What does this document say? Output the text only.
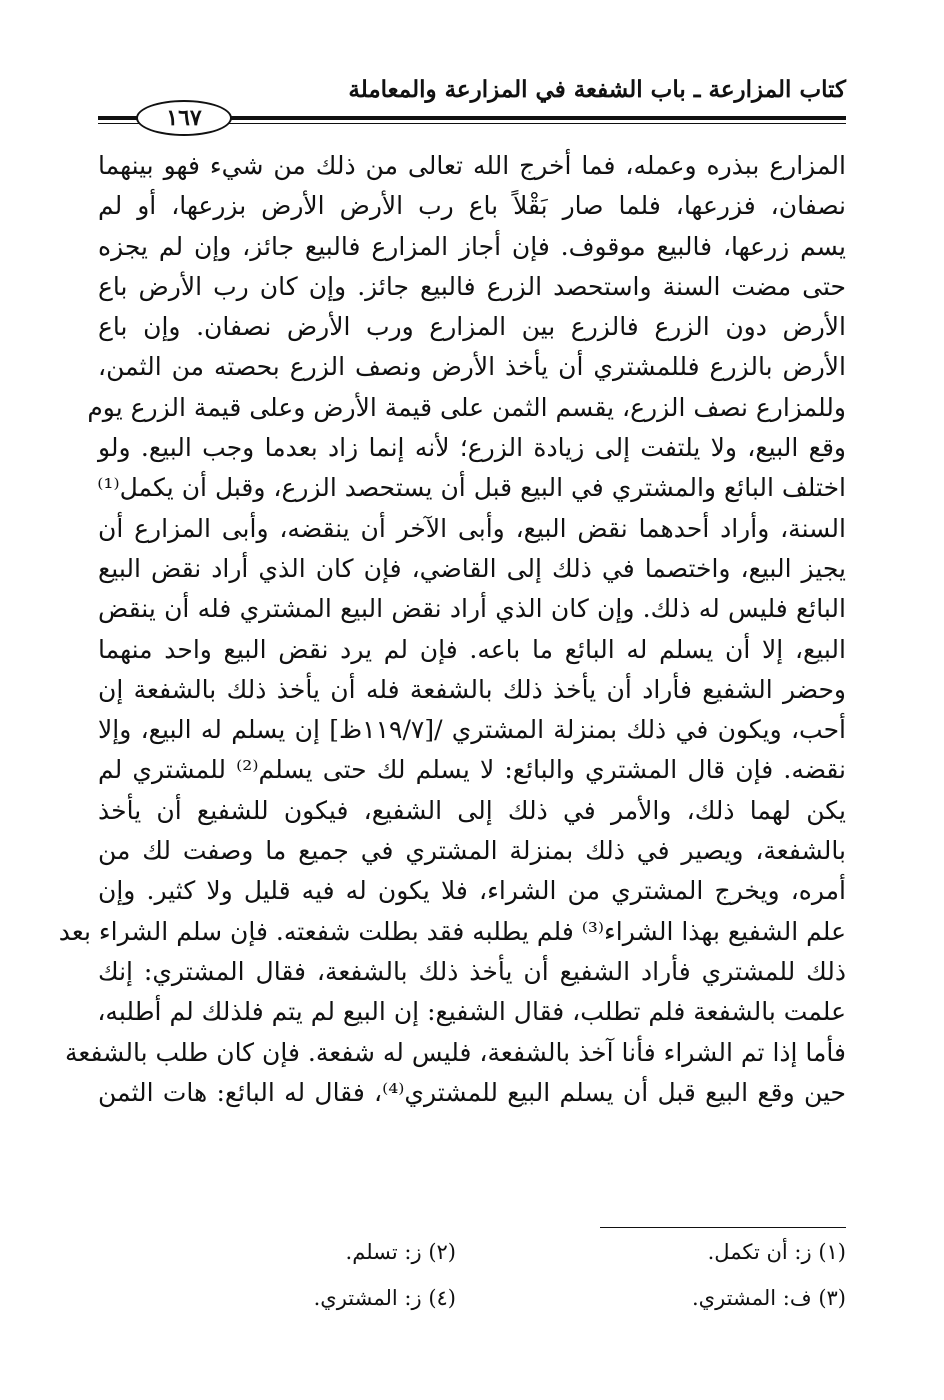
كتاب المزارعة ـ باب الشفعة في المزارعة والمعاملة
١٦٧
المزارع ببذره وعمله، فما أخرج الله تعالى من ذلك من شيء فهو بينهما
نصفان، فزرعها، فلما صار بَقْلاً باع رب الأرض الأرض بزرعها، أو لم
يسم زرعها، فالبيع موقوف. فإن أجاز المزارع فالبيع جائز، وإن لم يجزه
حتى مضت السنة واستحصد الزرع فالبيع جائز. وإن كان رب الأرض باع
الأرض دون الزرع فالزرع بين المزارع ورب الأرض نصفان. وإن باع
الأرض بالزرع فللمشتري أن يأخذ الأرض ونصف الزرع بحصته من الثمن،
وللمزارع نصف الزرع، يقسم الثمن على قيمة الأرض وعلى قيمة الزرع يوم
وقع البيع، ولا يلتفت إلى زيادة الزرع؛ لأنه إنما زاد بعدما وجب البيع. ولو
اختلف البائع والمشتري في البيع قبل أن يستحصد الزرع، وقبل أن يكمل⁽¹⁾
السنة، وأراد أحدهما نقض البيع، وأبى الآخر أن ينقضه، وأبى المزارع أن
يجيز البيع، واختصما في ذلك إلى القاضي، فإن كان الذي أراد نقض البيع
البائع فليس له ذلك. وإن كان الذي أراد نقض البيع المشتري فله أن ينقض
البيع، إلا أن يسلم له البائع ما باعه. فإن لم يرد نقض البيع واحد منهما
وحضر الشفيع فأراد أن يأخذ ذلك بالشفعة فله أن يأخذ ذلك بالشفعة إن
أحب، ويكون في ذلك بمنزلة المشتري /[١١٩/٧ظ] إن يسلم له البيع، وإلا
نقضه. فإن قال المشتري والبائع: لا يسلم لك حتى يسلم⁽²⁾ للمشتري لم
يكن لهما ذلك، والأمر في ذلك إلى الشفيع، فيكون للشفيع أن يأخذ
بالشفعة، ويصير في ذلك بمنزلة المشتري في جميع ما وصفت لك من
أمره، ويخرج المشتري من الشراء، فلا يكون له فيه قليل ولا كثير. وإن
علم الشفيع بهذا الشراء⁽³⁾ فلم يطلبه فقد بطلت شفعته. فإن سلم الشراء بعد
ذلك للمشتري فأراد الشفيع أن يأخذ ذلك بالشفعة، فقال المشتري: إنك
علمت بالشفعة فلم تطلب، فقال الشفيع: إن البيع لم يتم فلذلك لم أطلبه،
فأما إذا تم الشراء فأنا آخذ بالشفعة، فليس له شفعة. فإن كان طلب بالشفعة
حين وقع البيع قبل أن يسلم البيع للمشتري⁽⁴⁾، فقال له البائع: هات الثمن
(١) ز: أن تكمل.
(٢) ز: تسلم.
(٣) ف: المشتري.
(٤) ز: المشتري.
